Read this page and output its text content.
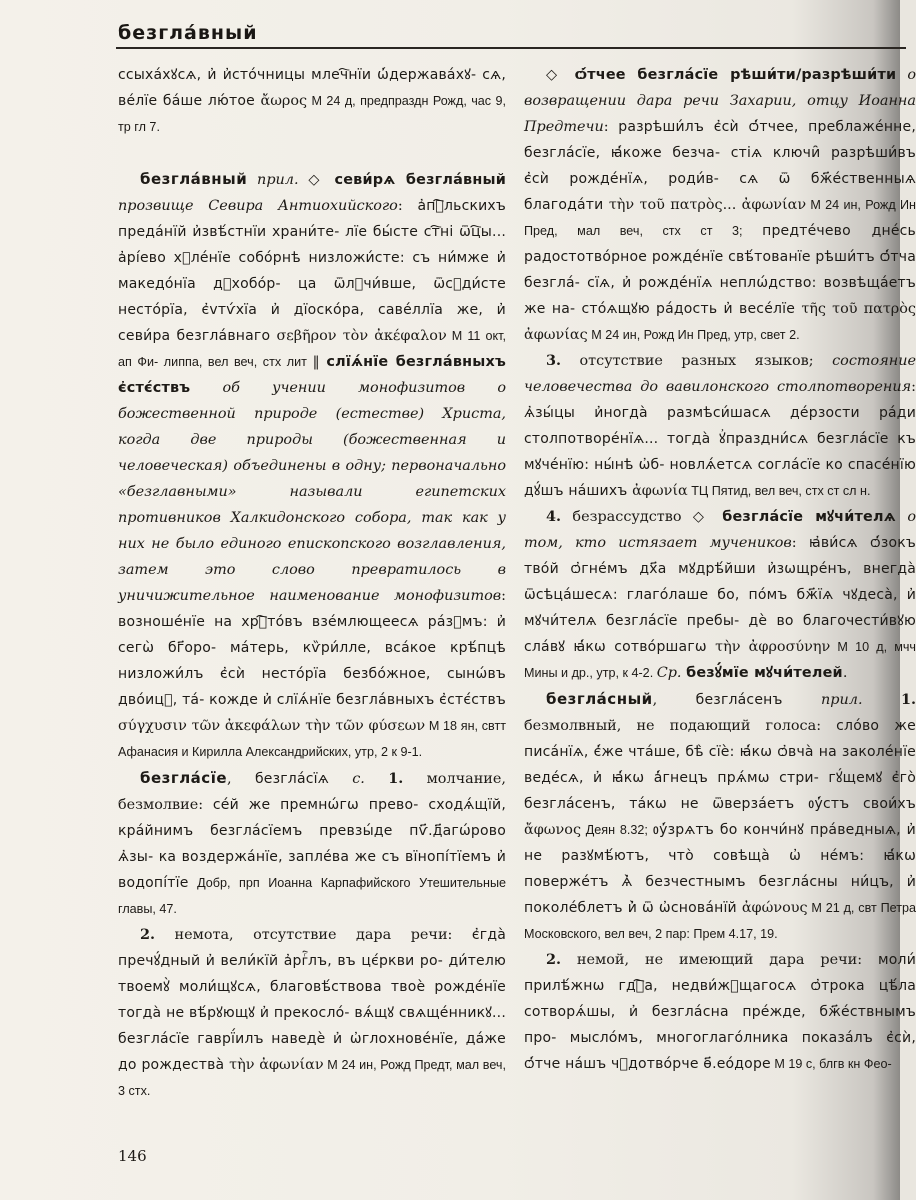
безгла́вный

ссыха́хꙋсѧ, и҆ и҆сто́чницы млеч҇нїи ѡ҆́держава́хꙋ- сѧ, ве́лїе ба́ше лю́тое ἄωρος М 24 д, предпраздн Рожд, час 9, тр гл 7.

безгла́вный прил. ◇ севи́рѧ безгла́вный прозвище Севира Антиохийского: а҆пⷭ҇льскихъ преда́нїй и҆звѣ́стнїи храни́те- лїе бы́сте ст҇ні ѿц҇ы... а҆рі́ево хꙋле́нїе собо́рнѣ низложи́сте: съ ни́мже и҆ македо́нїа дꙋхобо́р- ца ѿлꙋчи́вше, ѿсꙋди́сте несто́рїа, є҆vтѵ́хїа и҆ дїоско́ра, саве́ллїа же, и҆ севи́ра безгла́внаго σεβῆρον τὸν ἀκέφαλον М 11 окт, ап Фи- липпа, вел веч, стх лит ‖ слїѧ́нїе безгла́вныхъ є҆стє́ствъ об учении монофизитов о божественной природе (естестве) Христа, когда две природы (божественная и человеческая) объединены в одну; первоначально «безглавными» называли египетских противников Халкидонского собора, так как у них не было единого епископского возглавления, затем это слово превратилось в уничижительное наименование монофизитов: возноше́нїе на хрⷭ҇то́въ взе́млющеесѧ ра́зꙋмъ: и҆ сегѡ̀ бг҃оро- ма́терь, кѷри́лле, вса́кое крѣ́пцѣ низложи́лъ є҆сѝ несто́рїа безбо́жное, сынѡ́въ дво́ицꙋ, та́- кожде и҆ слїѧ́нїе безгла́вныхъ є҆стє́ствъ σύγχυσιν τῶν ἀκεφάλων τὴν τῶν φύσεων М 18 ян, свтт Афанасия и Кирилла Александрийских, утр, 2 к 9-1.

безгла́сїе, безгла́сїѧ с. 1. молчание, безмолвие: се́й же премнѡ́гѡ прево- сходѧ́щїй, кра́йнимъ безгла́сїемъ превзы́де пѵ҃.д҃агѡ́рово ѧ҆зы- ка воздержа́нїе, запле́ва же съ вїнопі́тїемъ и҆ водопі́тїе Добр, прп Иоанна Карпафийского Утешительные главы, 47.

2. немота, отсутствие дара речи: є҆гда̀ пречꙋ́дный и҆ вели́кїй а҆ргⷢ҇лъ, въ цє́ркви ро- ди́телю твоемꙋ̀ моли́щꙋсѧ, благовѣ́ствова твоѐ рожде́нїе тогда̀ не вѣ́рꙋющꙋ и҆ прекосло́- вѧ́щꙋ свѧще́нникꙋ... безгла́сїе гаврї́илъ наведѐ и҆ ѡ҆глохнове́нїе, да́же до рождества̀ τὴν ἀφωνίαν М 24 ин, Рожд Предт, мал веч, 3 стх.

◇ ѻ҆́тчее безгла́сїе рѣши́ти/разрѣши́ти о возвращении дара речи Захарии, отцу Иоанна Предтечи: разрѣши́лъ є҆сѝ ѻ҆́тчее, преблаже́нне, безгла́сїе, ꙗ҆́коже безча- стіѧ ключи̑ разрѣши́въ є҆сѝ рожде́нїѧ, роди́в- сѧ ѿ бж҃е́ственныѧ благода́ти τὴν τοῦ πατρὸς... ἀφωνίαν М 24 ин, Рожд Ин Пред, мал веч, стх ст 3; предте́чево дне́сь радостотво́рное рожде́нїе свѣ́тованїе рѣши́тъ ѻ҆́тча безгла́- сїѧ, и҆ рожде́нїѧ неплѡ́дство: возвѣща́етъ же на- сто́ѧщꙋю ра́дость и҆ весе́лїе τῆς τοῦ πατρὸς ἀφωνίας М 24 ин, Рожд Ин Пред, утр, свет 2.

3. отсутствие разных языков; состояние человечества до вавилонского столпотворения: ѧ҆зы́цы и҆ногда̀ размѣси́шасѧ де́рзости ра́ди столпотворе́нїѧ... тогда̀ ꙋ҆праздни́сѧ безгла́сїе къ мꙋче́нїю: ны́нѣ ѡ҆б- новлѧ́етсѧ согла́сїе ко спасе́нїю дꙋ́шъ на́шихъ ἀφωνία ТЦ Пятид, вел веч, стх ст сл н.

4. безрассудство ◇ безгла́сїе мꙋчи́телѧ о том, кто истязает мучеников: ꙗ҆ви́сѧ ѻ҆́зокъ тво́й ѻ҆гне́мъ дх҃а мꙋдрѣ́йши и҆зѡщре́нъ, внегда̀ ѿсѣца́шесѧ: глаго́лаше бо, по́мъ бж҃їѧ чꙋдеса̀, и҆ мꙋчи́телѧ безгла́сїе пребы- дѐ во благочести́вꙋю сла́вꙋ ꙗ҆́кѡ сотво́ршагѡ τὴν ἀφροσύνην М 10 д, мчч Мины и др., утр, к 4-2. Ср. безꙋ́мїе мꙋчи́телей.

безгла́сный, безгла́сенъ прил. 1. безмолвный, не подающий голоса: сло́во же писа́нїѧ, є҆́же чта́ше, бѣ̀ сїѐ: ꙗ҆́кѡ ѻ҆вча̀ на заколе́нїе веде́сѧ, и҆ ꙗ҆́кѡ а҆́гнецъ прѧ́мѡ стри- гꙋ́щемꙋ є҆го̀ безгла́сенъ, та́кѡ не ѿверза́етъ ᲂу҆́стъ свои́хъ ἄφωνος Деян 8.32; ᲂу҆́зрѧтъ бо кончи́нꙋ пра́ведныѧ, и҆ не разꙋмѣ́ютъ, что̀ совѣща̀ ѡ҆ не́мъ: ꙗ҆́кѡ поверже́тъ ѧ҆̀ безчестнымъ безгла́сны ни́цъ, и҆ поколе́блетъ и҆̀ ѿ ѡ҆снова́нїй ἀφώνους М 21 д, свт Петра Московского, вел веч, 2 пар: Прем 4.17, 19.

2. немой, не имеющий дара речи: моли́ прилѣ́жнѡ гдⷭ҇а, недви́жꙋщагосѧ ѻ҆трока цѣ́ла сотворѧ́шы, и҆ безгла́сна пре́жде, бж҃е́ствнымъ про- мысло́мъ, многоглаго́лника показа́лъ є҆сѝ, ѻ҆́тче на́шъ чꙋдотво́рче ѳ҃.ео́доре М 19 с, блгв кн Фео-

146
